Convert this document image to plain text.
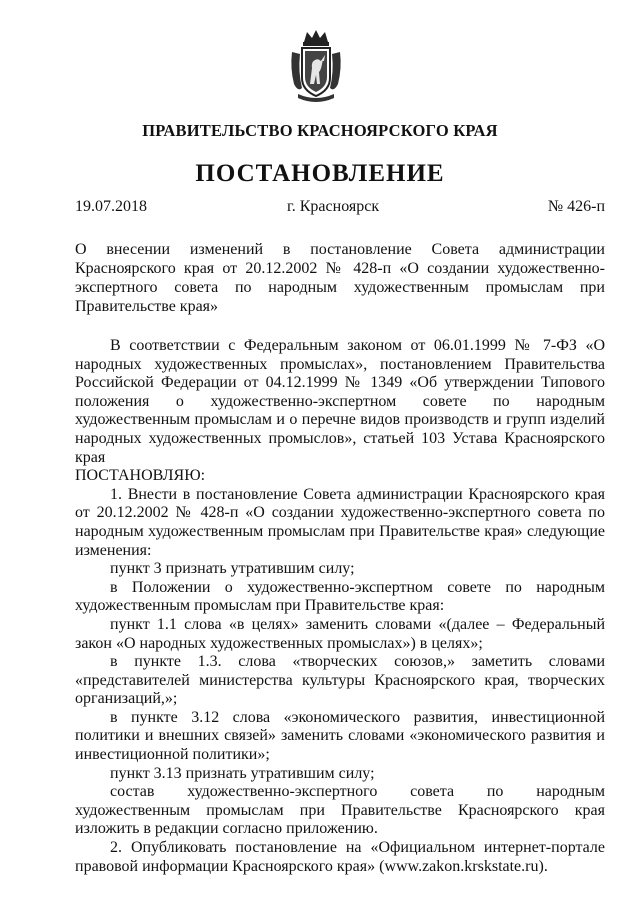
ПРАВИТЕЛЬСТВО КРАСНОЯРСКОГО КРАЯ
ПОСТАНОВЛЕНИЕ
19.07.2018	г. Красноярск	№ 426-п
О внесении изменений в постановление Совета администрации Красноярского края от 20.12.2002 № 428-п «О создании художественно-экспертного совета по народным художественным промыслам при Правительстве края»

В соответствии с Федеральным законом от 06.01.1999 № 7-ФЗ «О народных художественных промыслах», постановлением Правительства Российской Федерации от 04.12.1999 № 1349 «Об утверждении Типового положения о художественно-экспертном совете по народным художественным промыслам и о перечне видов производств и групп изделий народных художественных промыслов», статьей 103 Устава Красноярского края

ПОСТАНОВЛЯЮ:

1. Внести в постановление Совета администрации Красноярского края от 20.12.2002 № 428-п «О создании художественно-экспертного совета по народным художественным промыслам при Правительстве края» следующие изменения:

пункт 3 признать утратившим силу;

в Положении о художественно-экспертном совете по народным художественным промыслам при Правительстве края:

пункт 1.1 слова «в целях» заменить словами «(далее – Федеральный закон «О народных художественных промыслах») в целях»;

в пункте 1.3. слова «творческих союзов,» заметить словами «представителей министерства культуры Красноярского края, творческих организаций,»;

в пункте 3.12 слова «экономического развития, инвестиционной политики и внешних связей» заменить словами «экономического развития и инвестиционной политики»;

пункт 3.13 признать утратившим силу;

состав художественно-экспертного совета по народным художественным промыслам при Правительстве Красноярского края изложить в редакции согласно приложению.

2. Опубликовать постановление на «Официальном интернет-портале правовой информации Красноярского края» (www.zakon.krskstate.ru).
